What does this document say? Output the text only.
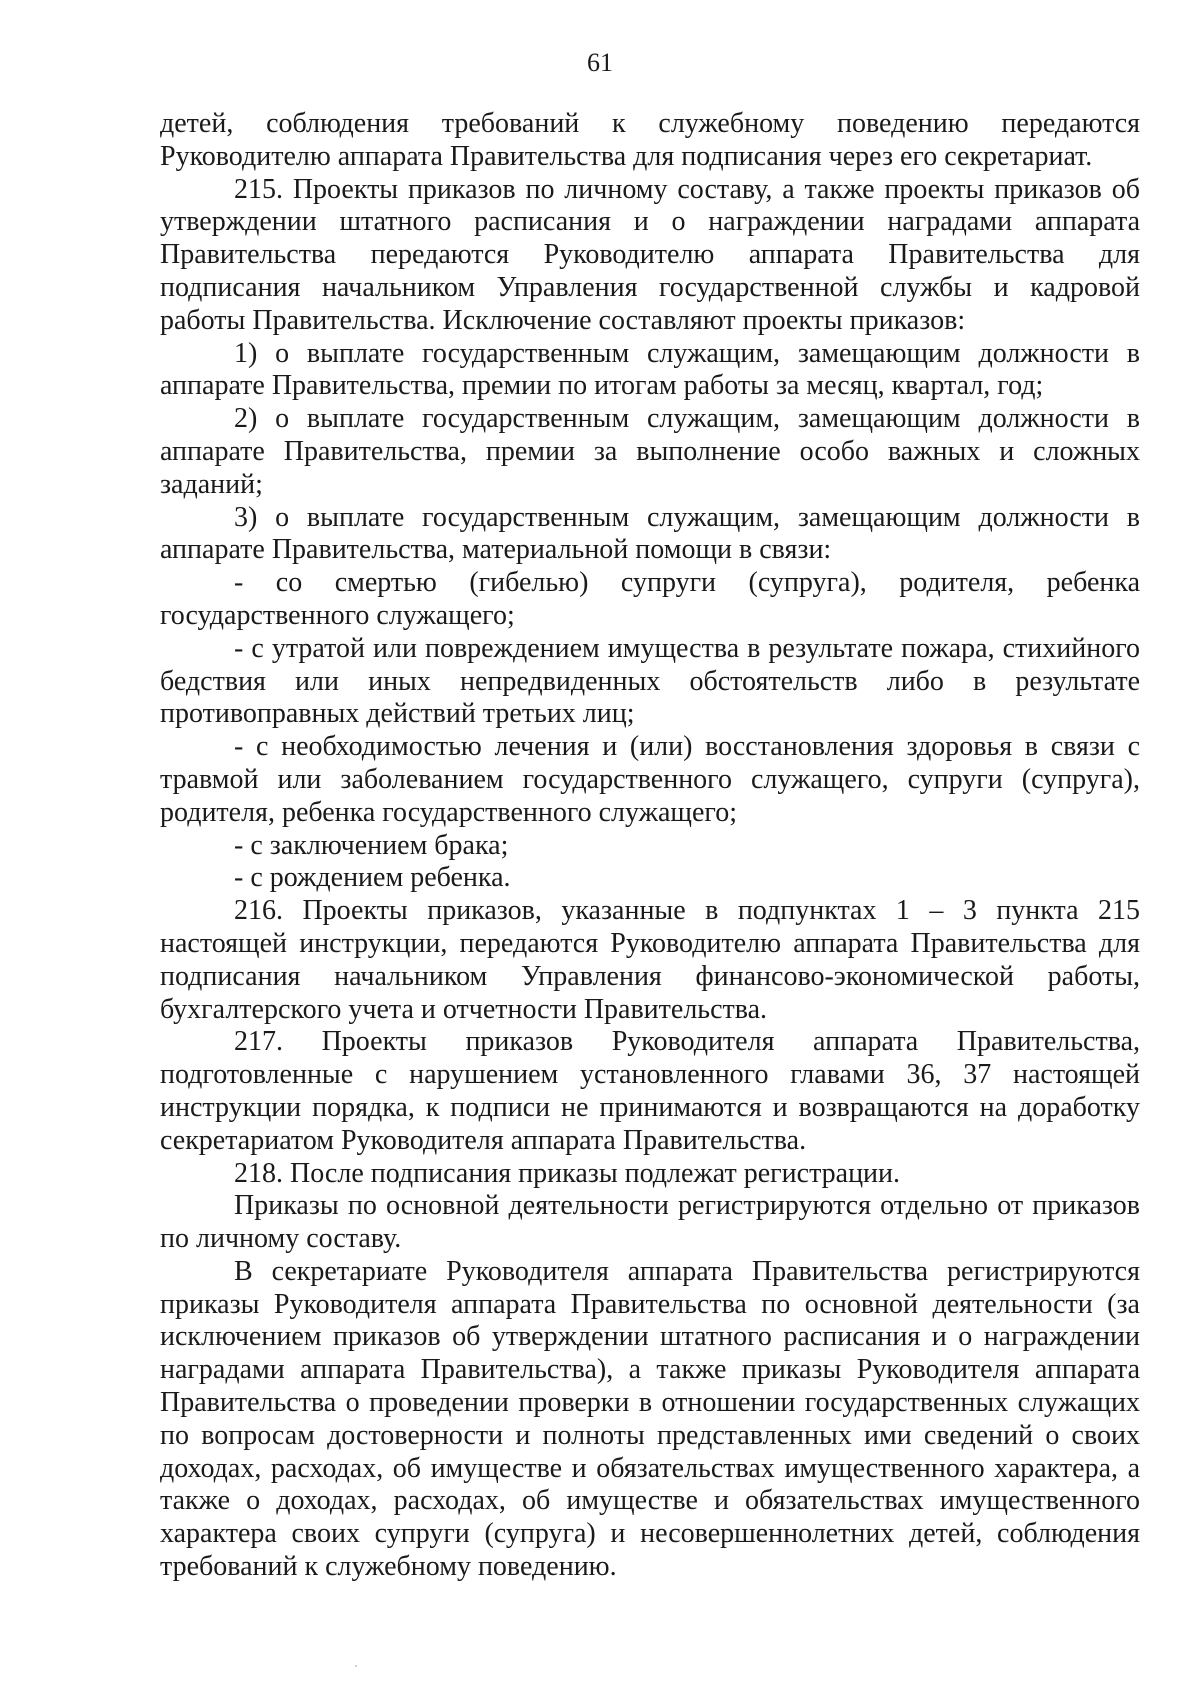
61

детей, соблюдения требований к служебному поведению передаются Руководителю аппарата Правительства для подписания через его секретариат.

215. Проекты приказов по личному составу, а также проекты приказов об утверждении штатного расписания и о награждении наградами аппарата Правительства передаются Руководителю аппарата Правительства для подписания начальником Управления государственной службы и кадровой работы Правительства. Исключение составляют проекты приказов:

1) о выплате государственным служащим, замещающим должности в аппарате Правительства, премии по итогам работы за месяц, квартал, год;

2) о выплате государственным служащим, замещающим должности в аппарате Правительства, премии за выполнение особо важных и сложных заданий;

3) о выплате государственным служащим, замещающим должности в аппарате Правительства, материальной помощи в связи:

- со смертью (гибелью) супруги (супруга), родителя, ребенка государственного служащего;

- с утратой или повреждением имущества в результате пожара, стихийного бедствия или иных непредвиденных обстоятельств либо в результате противоправных действий третьих лиц;

- с необходимостью лечения и (или) восстановления здоровья в связи с травмой или заболеванием государственного служащего, супруги (супруга), родителя, ребенка государственного служащего;

- с заключением брака;

- с рождением ребенка.

216. Проекты приказов, указанные в подпунктах 1 – 3 пункта 215 настоящей инструкции, передаются Руководителю аппарата Правительства для подписания начальником Управления финансово-экономической работы, бухгалтерского учета и отчетности Правительства.

217. Проекты приказов Руководителя аппарата Правительства, подготовленные с нарушением установленного главами 36, 37 настоящей инструкции порядка, к подписи не принимаются и возвращаются на доработку секретариатом Руководителя аппарата Правительства.

218. После подписания приказы подлежат регистрации.

Приказы по основной деятельности регистрируются отдельно от приказов по личному составу.

В секретариате Руководителя аппарата Правительства регистрируются приказы Руководителя аппарата Правительства по основной деятельности (за исключением приказов об утверждении штатного расписания и о награждении наградами аппарата Правительства), а также приказы Руководителя аппарата Правительства о проведении проверки в отношении государственных служащих по вопросам достоверности и полноты представленных ими сведений о своих доходах, расходах, об имуществе и обязательствах имущественного характера, а также о доходах, расходах, об имуществе и обязательствах имущественного характера своих супруги (супруга) и несовершеннолетних детей, соблюдения требований к служебному поведению.
